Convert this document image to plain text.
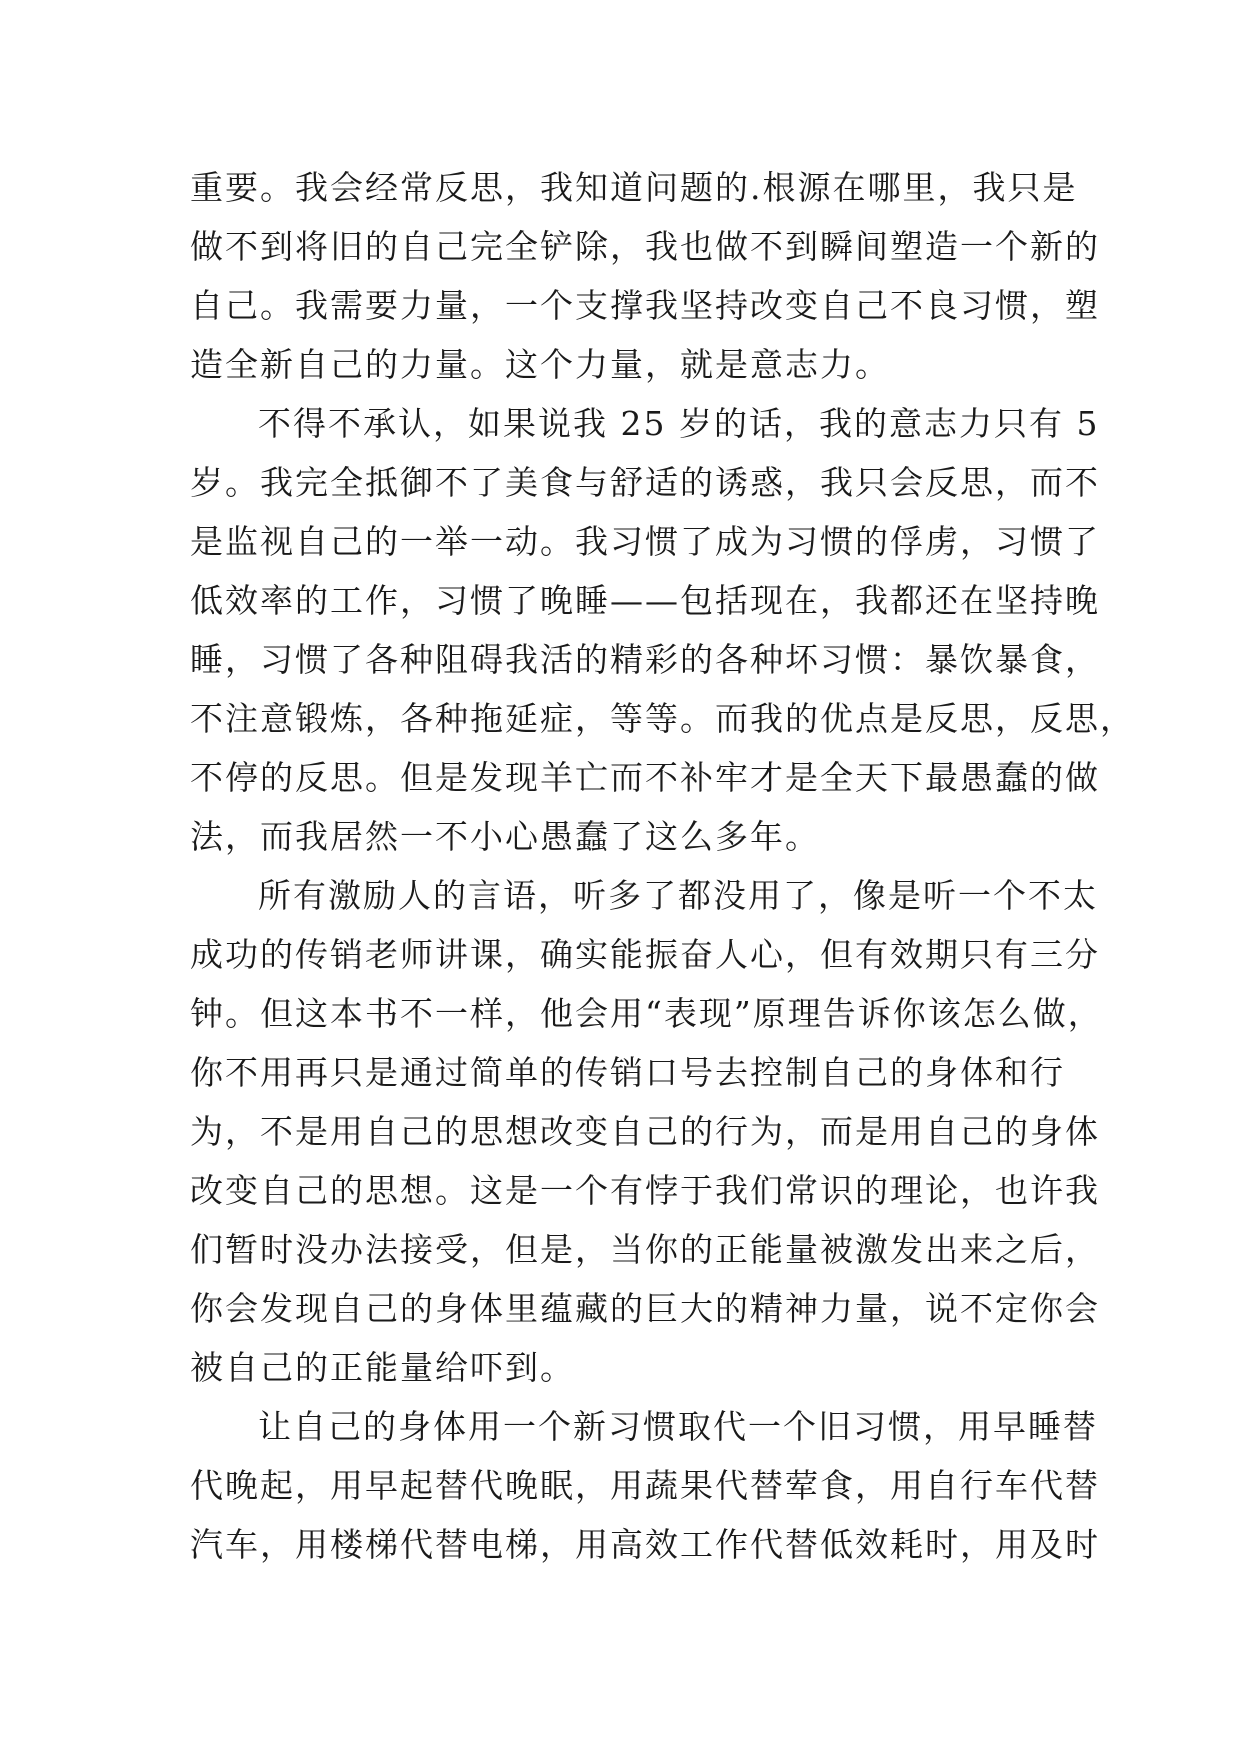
重要。我会经常反思，我知道问题的.根源在哪里，我只是
做不到将旧的自己完全铲除，我也做不到瞬间塑造一个新的
自己。我需要力量，一个支撑我坚持改变自己不良习惯，塑
造全新自己的力量。这个力量，就是意志力。
不得不承认，如果说我 25 岁的话，我的意志力只有 5
岁。我完全抵御不了美食与舒适的诱惑，我只会反思，而不
是监视自己的一举一动。我习惯了成为习惯的俘虏，习惯了
低效率的工作，习惯了晚睡——包括现在，我都还在坚持晚
睡，习惯了各种阻碍我活的精彩的各种坏习惯：暴饮暴食，
不注意锻炼，各种拖延症，等等。而我的优点是反思，反思，
不停的反思。但是发现羊亡而不补牢才是全天下最愚蠢的做
法，而我居然一不小心愚蠢了这么多年。
所有激励人的言语，听多了都没用了，像是听一个不太
成功的传销老师讲课，确实能振奋人心，但有效期只有三分
钟。但这本书不一样，他会用“表现”原理告诉你该怎么做，
你不用再只是通过简单的传销口号去控制自己的身体和行
为，不是用自己的思想改变自己的行为，而是用自己的身体
改变自己的思想。这是一个有悖于我们常识的理论，也许我
们暂时没办法接受，但是，当你的正能量被激发出来之后，
你会发现自己的身体里蕴藏的巨大的精神力量，说不定你会
被自己的正能量给吓到。
让自己的身体用一个新习惯取代一个旧习惯，用早睡替
代晚起，用早起替代晚眠，用蔬果代替荤食，用自行车代替
汽车，用楼梯代替电梯，用高效工作代替低效耗时，用及时
